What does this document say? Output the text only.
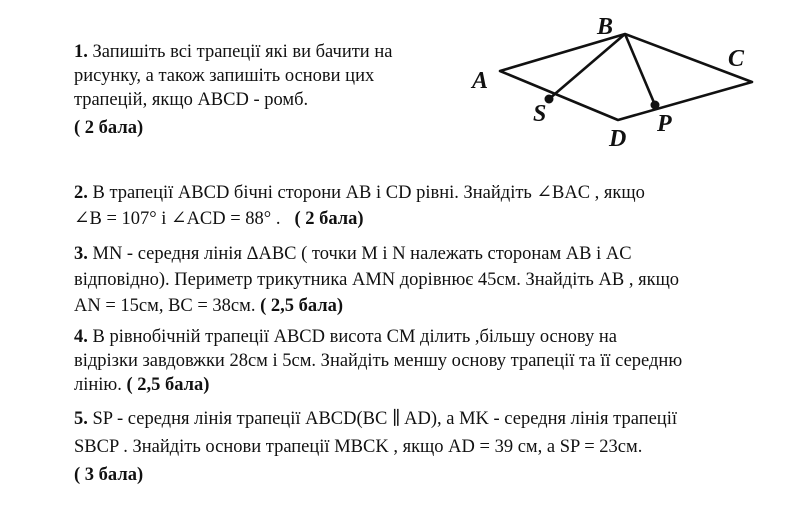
A
B
C
D
S	P
1. Запишіть всі трапеції які ви бачити на
рисунку, а також запишіть основи цих
трапецій, якщо ABCD - ромб.
( 2 бала)
2. В трапеції ABCD бічні сторони AB і CD рівні. Знайдіть ∠BAC , якщо
∠B = 107° і ∠ACD = 88° . ( 2 бала)
3. MN - середня лінія ΔABC ( точки M і N належать сторонам AB і AC
відповідно). Периметр трикутника AMN дорівнює 45см. Знайдіть AB , якщо
AN = 15см, BC = 38см. ( 2,5 бала)
4. В рівнобічній трапеції ABCD висота CM ділить ,більшу основу на
відрізки завдовжки 28см і 5см. Знайдіть меншу основу трапеції та її середню
лінію. ( 2,5 бала)
5. SP - середня лінія трапеції ABCD(BC ∥ AD), а MK - середня лінія трапеції
SBCP . Знайдіть основи трапеції MBCK , якщо AD = 39 см, а SP = 23см.
( 3 бала)
